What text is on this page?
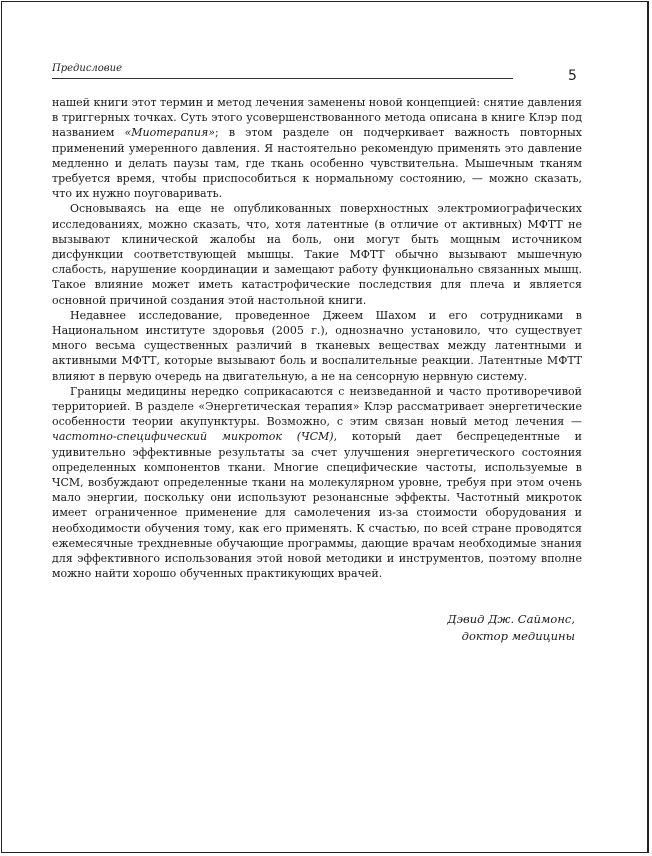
Предисловие	5

нашей книги этот термин и метод лечения заменены новой концепцией: снятие давления в триггерных точках. Суть этого усовершенствованного метода описана в книге Клэр под названием «Миотерапия»; в этом разделе он подчеркивает важность повторных применений умеренного давления. Я настоятельно рекомендую применять это давление медленно и делать паузы там, где ткань особенно чувствительна. Мышечным тканям требуется время, чтобы приспособиться к нормальному состоянию, — можно сказать, что их нужно поуговаривать.

Основываясь на еще не опубликованных поверхностных электромиографических исследованиях, можно сказать, что, хотя латентные (в отличие от активных) МФТТ не вызывают клинической жалобы на боль, они могут быть мощным источником дисфункции соответствующей мышцы. Такие МФТТ обычно вызывают мышечную слабость, нарушение координации и замещают работу функционально связанных мышц. Такое влияние может иметь катастрофические последствия для плеча и является основной причиной создания этой настольной книги.

Недавнее исследование, проведенное Джеем Шахом и его сотрудниками в Национальном институте здоровья (2005 г.), однозначно установило, что существует много весьма существенных различий в тканевых веществах между латентными и активными МФТТ, которые вызывают боль и воспалительные реакции. Латентные МФТТ влияют в первую очередь на двигательную, а не на сенсорную нервную систему.

Границы медицины нередко соприкасаются с неизведанной и часто противоречивой территорией. В разделе «Энергетическая терапия» Клэр рассматривает энергетические особенности теории акупунктуры. Возможно, с этим связан новый метод лечения — частотно-специфический микроток (ЧСМ), который дает беспрецедентные и удивительно эффективные результаты за счет улучшения энергетического состояния определенных компонентов ткани. Многие специфические частоты, используемые в ЧСМ, возбуждают определенные ткани на молекулярном уровне, требуя при этом очень мало энергии, поскольку они используют резонансные эффекты. Частотный микроток имеет ограниченное применение для самолечения из-за стоимости оборудования и необходимости обучения тому, как его применять. К счастью, по всей стране проводятся ежемесячные трехдневные обучающие программы, дающие врачам необходимые знания для эффективного использования этой новой методики и инструментов, поэтому вполне можно найти хорошо обученных практикующих врачей.

Дэвид Дж. Саймонс,
доктор медицины
